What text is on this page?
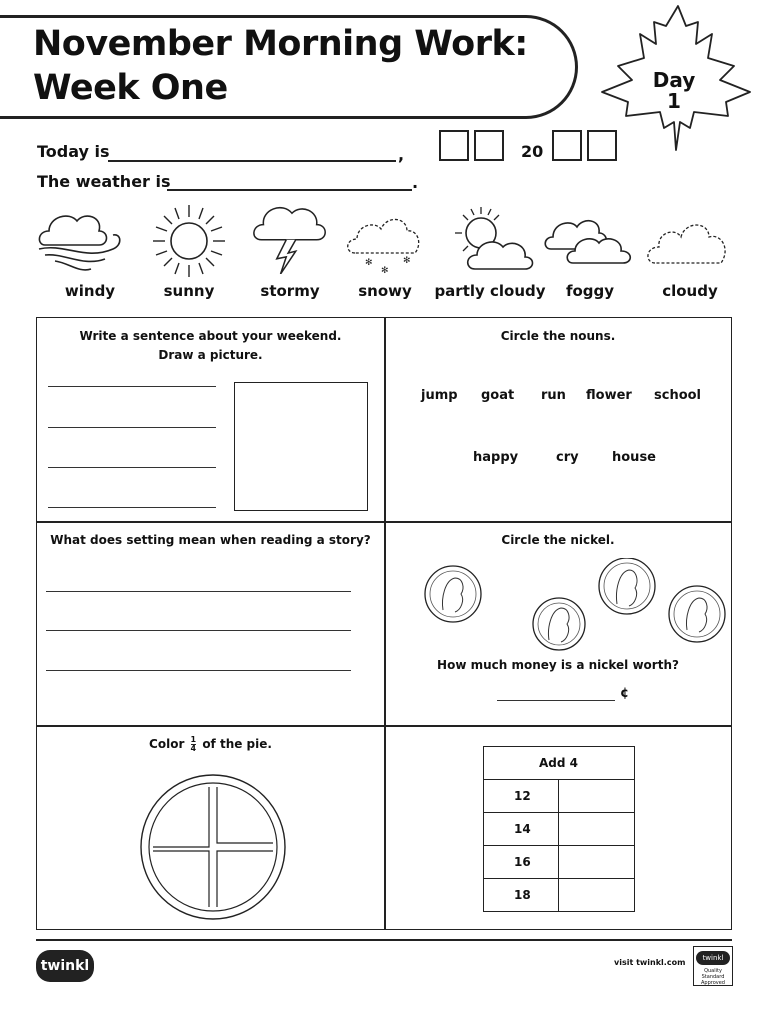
November Morning Work:
Week One	Day
1
Today is	,	20
The weather is	.
✻
✻
✻
windy	sunny	stormy	snowy	partly cloudy	foggy	cloudy
Write a sentence about your weekend.
Draw a picture.
Circle the nouns.
jump goat run flower school
happy	cry	house
What does setting mean when reading a story?	Circle the nickel.
How much money is a nickel worth?
¢
Color $\frac{1}{4}$ of the pie.
Add 4	
12	
14	
16	
18	
twinkl	visit twinkl.com	twinkl
Quality Standard Approved
